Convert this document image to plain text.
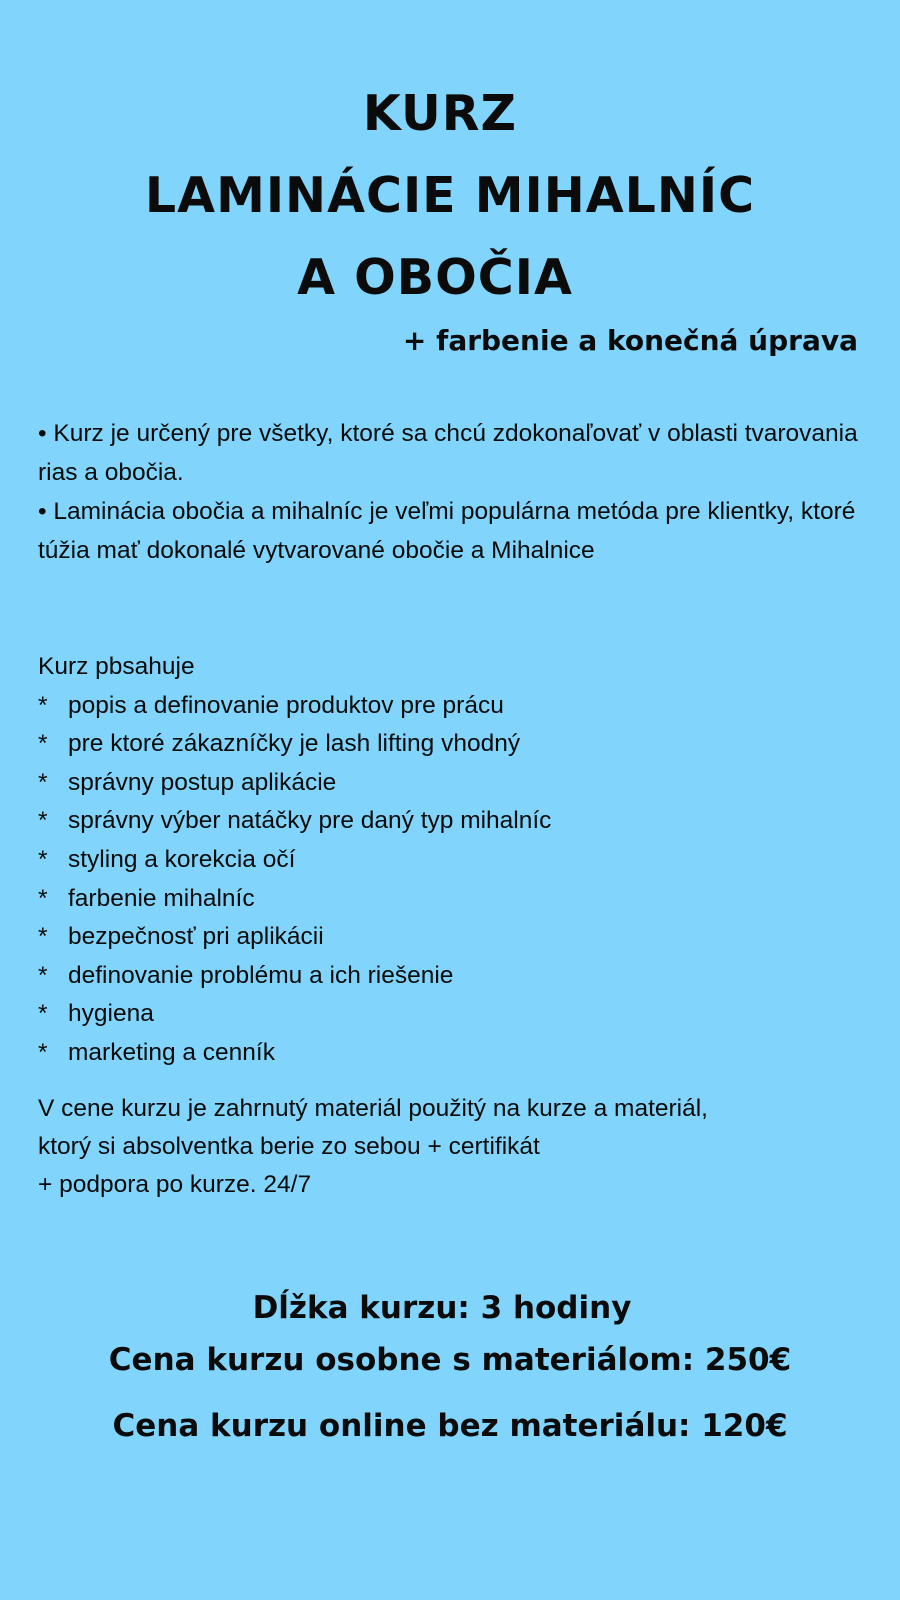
KURZ
LAMINÁCIE MIHALNÍC
A OBOČIA
+ farbenie a konečná úprava

• Kurz je určený pre všetky, ktoré sa chcú zdokonaľovať v oblasti tvarovania rias a obočia.

• Laminácia obočia a mihalníc je veľmi populárna metóda pre klientky, ktoré túžia mať dokonalé vytvarované obočie a Mihalnice

Kurz pbsahuje

* popis a definovanie produktov pre prácu
* pre ktoré zákazníčky je lash lifting vhodný
* správny postup aplikácie
* správny výber natáčky pre daný typ mihalníc
* styling a korekcia očí
* farbenie mihalníc
* bezpečnosť pri aplikácii
* definovanie problému a ich riešenie
* hygiena
* marketing a cenník

V cene kurzu je zahrnutý materiál použitý na kurze a materiál,

ktorý si absolventka berie zo sebou + certifikát

+ podpora po kurze. 24/7

Dĺžka kurzu: 3 hodiny
Cena kurzu osobne s materiálom: 250€
Cena kurzu online bez materiálu: 120€
